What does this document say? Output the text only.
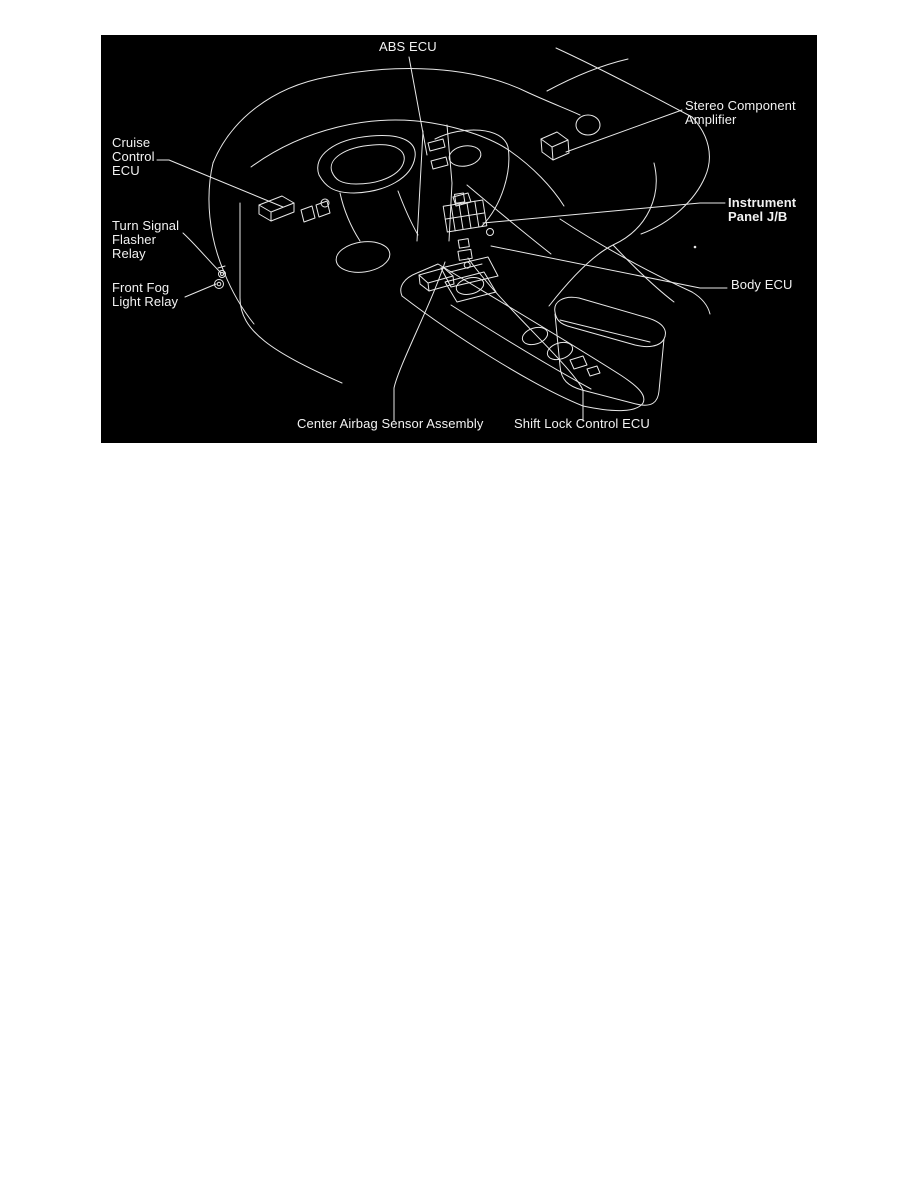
ABS ECU
Stereo Component
Amplifier
Cruise
Control
ECU
Turn Signal
Flasher
Relay
Front Fog
Light Relay
Instrument
Panel J/B
Body ECU
Center Airbag Sensor Assembly Shift Lock Control ECU
